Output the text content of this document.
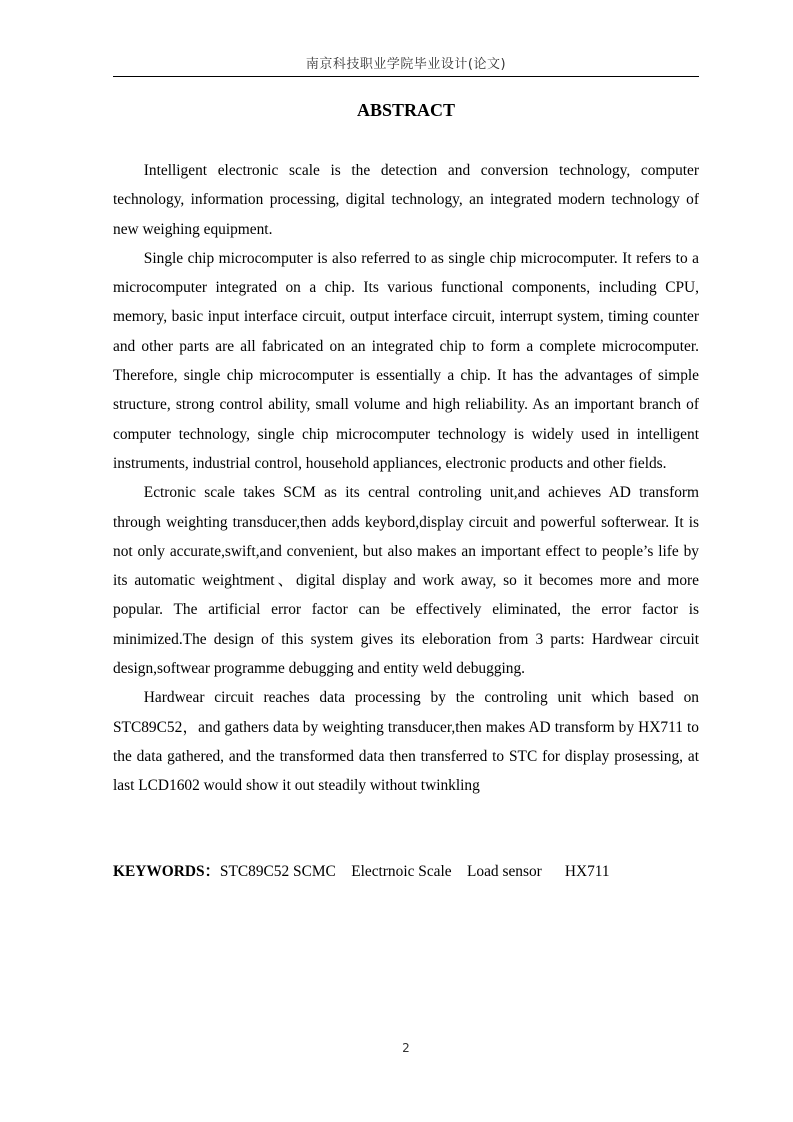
南京科技职业学院毕业设计(论文)
ABSTRACT

Intelligent electronic scale is the detection and conversion technology, computer technology, information processing, digital technology, an integrated modern technology of new weighing equipment.

Single chip microcomputer is also referred to as single chip microcomputer. It refers to a microcomputer integrated on a chip. Its various functional components, including CPU, memory, basic input interface circuit, output interface circuit, interrupt system, timing counter and other parts are all fabricated on an integrated chip to form a complete microcomputer. Therefore, single chip microcomputer is essentially a chip. It has the advantages of simple structure, strong control ability, small volume and high reliability. As an important branch of computer technology, single chip microcomputer technology is widely used in intelligent instruments, industrial control, household appliances, electronic products and other fields.

Ectronic scale takes SCM as its central controling unit,and achieves AD transform through weighting transducer,then adds keybord,display circuit and powerful softerwear. It is not only accurate,swift,and convenient, but also makes an important effect to people’s life by its automatic weightment、digital display and work away, so it becomes more and more popular. The artificial error factor can be effectively eliminated, the error factor is minimized.The design of this system gives its eleboration from 3 parts: Hardwear circuit design,softwear programme debugging and entity weld debugging.

Hardwear circuit reaches data processing by the controling unit which based on STC89C52，and gathers data by weighting transducer,then makes AD transform by HX711 to the data gathered, and the transformed data then transferred to STC for display prosessing, at last LCD1602 would show it out steadily without twinkling

KEYWORDS：STC89C52 SCMC    Electrnoic Scale    Load sensor      HX711
2
